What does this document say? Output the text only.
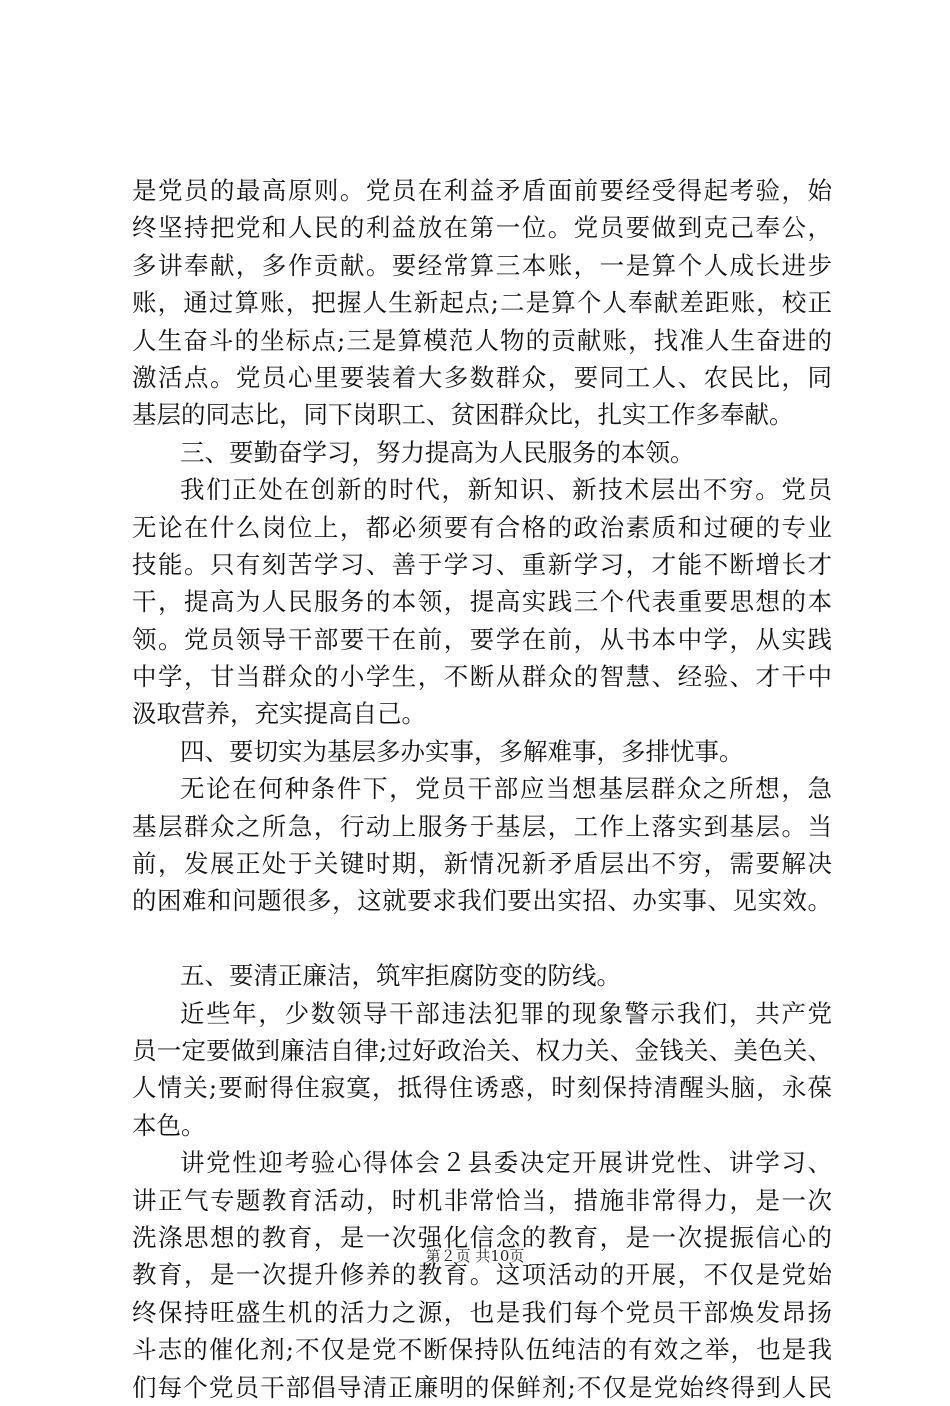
是党员的最高原则。党员在利益矛盾面前要经受得起考验，始
终坚持把党和人民的利益放在第一位。党员要做到克己奉公，
多讲奉献，多作贡献。要经常算三本账，一是算个人成长进步
账，通过算账，把握人生新起点;二是算个人奉献差距账，校正
人生奋斗的坐标点;三是算模范人物的贡献账，找准人生奋进的
激活点。党员心里要装着大多数群众，要同工人、农民比，同
基层的同志比，同下岗职工、贫困群众比，扎实工作多奉献。
三、要勤奋学习，努力提高为人民服务的本领。
我们正处在创新的时代，新知识、新技术层出不穷。党员
无论在什么岗位上，都必须要有合格的政治素质和过硬的专业
技能。只有刻苦学习、善于学习、重新学习，才能不断增长才
干，提高为人民服务的本领，提高实践三个代表重要思想的本
领。党员领导干部要干在前，要学在前，从书本中学，从实践
中学，甘当群众的小学生，不断从群众的智慧、经验、才干中
汲取营养，充实提高自己。
四、要切实为基层多办实事，多解难事，多排忧事。
无论在何种条件下，党员干部应当想基层群众之所想，急
基层群众之所急，行动上服务于基层，工作上落实到基层。当
前，发展正处于关键时期，新情况新矛盾层出不穷，需要解决
的困难和问题很多，这就要求我们要出实招、办实事、见实效。
五、要清正廉洁，筑牢拒腐防变的防线。
近些年，少数领导干部违法犯罪的现象警示我们，共产党
员一定要做到廉洁自律;过好政治关、权力关、金钱关、美色关、
人情关;要耐得住寂寞，抵得住诱惑，时刻保持清醒头脑，永葆
本色。
讲党性迎考验心得体会２县委决定开展讲党性、讲学习、
讲正气专题教育活动，时机非常恰当，措施非常得力，是一次
洗涤思想的教育，是一次强化信念的教育，是一次提振信心的
教育，是一次提升修养的教育。这项活动的开展，不仅是党始
终保持旺盛生机的活力之源，也是我们每个党员干部焕发昂扬
斗志的催化剂;不仅是党不断保持队伍纯洁的有效之举，也是我
们每个党员干部倡导清正廉明的保鲜剂;不仅是党始终得到人民
第２页 共10页
